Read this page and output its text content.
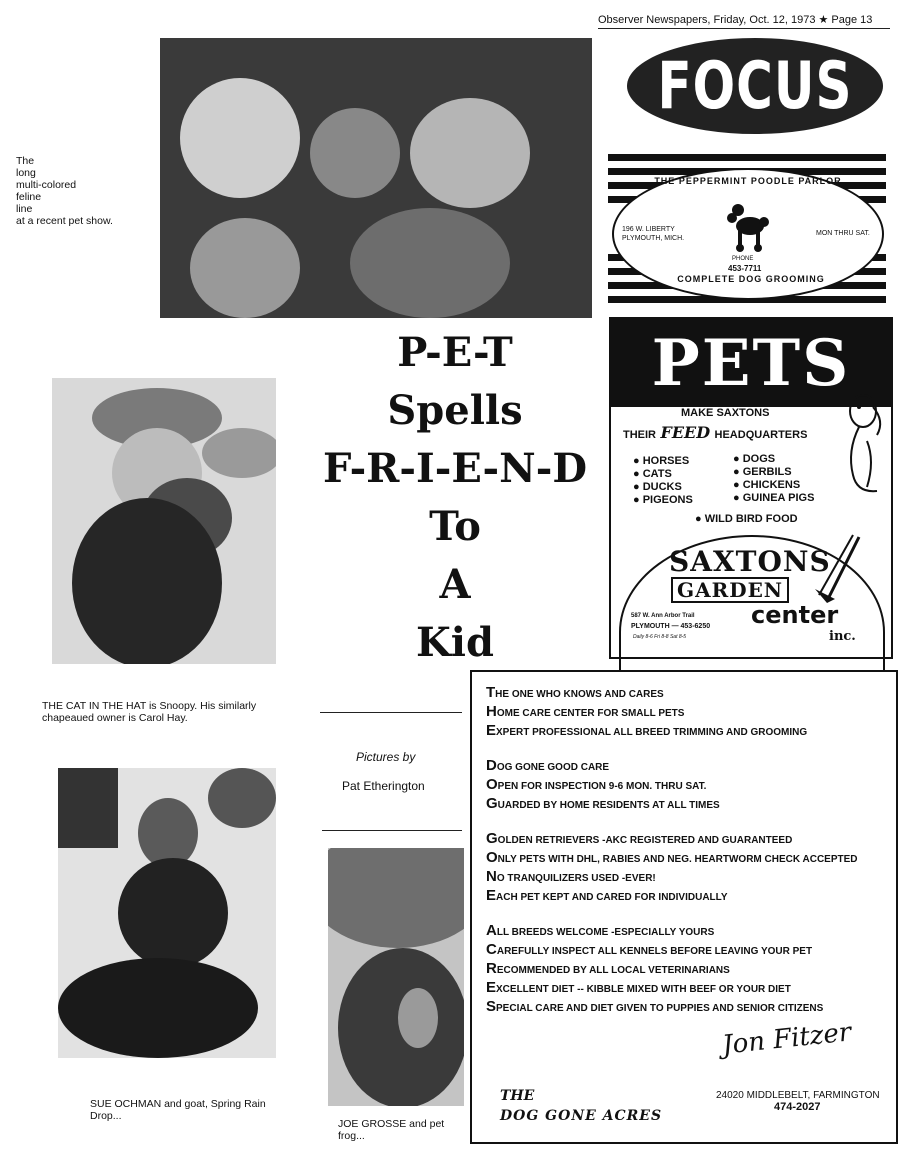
Observer Newspapers, Friday, Oct. 12, 1973 ★ Page 13
The
long
multi-colored
feline
line
at a recent pet show.
FOCUS
THE PEPPERMINT POODLE PARLOR
196 W. LIBERTY
PLYMOUTH, MICH.
MON THRU SAT.
PHONE
453-7711
COMPLETE DOG GROOMING
P-E-T
Spells
F-R-I-E-N-D
To
A
Kid
PETS
MAKE SAXTONS
THEIR FEED HEADQUARTERS
● HORSES
● CATS
● DUCKS
● PIGEONS
● DOGS
● GERBILS
● CHICKENS
● GUINEA PIGS
● WILD BIRD FOOD
SAXTONS
GARDEN
center
inc.
587 W. Ann Arbor Trail
PLYMOUTH — 453-6250
Daily 8-6 Fri 8-8 Sat 8-5
THE CAT IN THE HAT is Snoopy. His similarly chapeaued owner is Carol Hay.
Pictures by
Pat Etherington
SUE OCHMAN and goat, Spring Rain Drop...
JOE GROSSE and pet frog...
THE ONE WHO KNOWS AND CARES
HOME CARE CENTER FOR SMALL PETS
EXPERT PROFESSIONAL ALL BREED TRIMMING AND GROOMING
DOG GONE GOOD CARE
OPEN FOR INSPECTION 9-6 MON. THRU SAT.
GUARDED BY HOME RESIDENTS AT ALL TIMES
GOLDEN RETRIEVERS -AKC REGISTERED AND GUARANTEED
ONLY PETS WITH DHL, RABIES AND NEG. HEARTWORM CHECK ACCEPTED
NO TRANQUILIZERS USED -EVER!
EACH PET KEPT AND CARED FOR INDIVIDUALLY
ALL BREEDS WELCOME -ESPECIALLY YOURS
CAREFULLY INSPECT ALL KENNELS BEFORE LEAVING YOUR PET
RECOMMENDED BY ALL LOCAL VETERINARIANS
EXCELLENT DIET -- KIBBLE MIXED WITH BEEF OR YOUR DIET
SPECIAL CARE AND DIET GIVEN TO PUPPIES AND SENIOR CITIZENS
Jon Fitzer
THE
DOG GONE ACRES
24020 MIDDLEBELT, FARMINGTON
474-2027
